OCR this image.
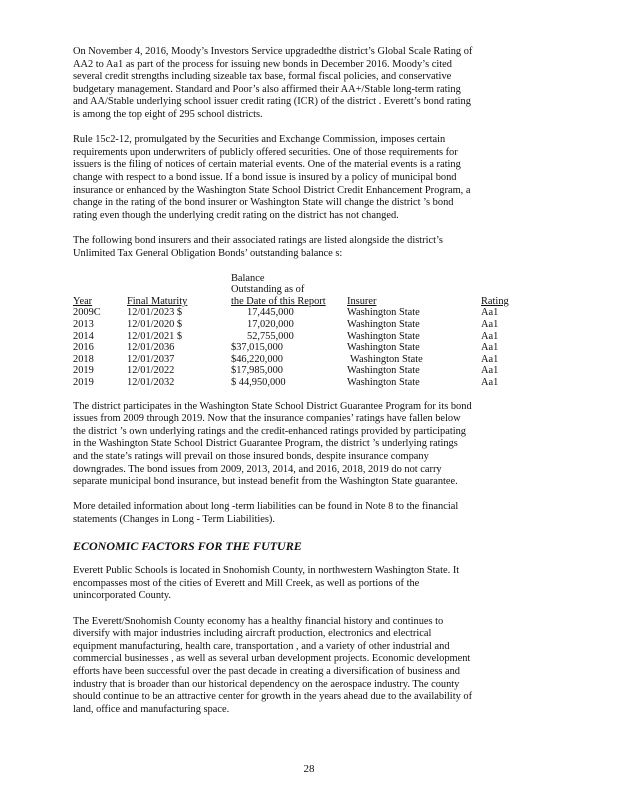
On November 4, 2016, Moody’s Investors Service upgradedthe district’s Global Scale Rating of
AA2 to Aa1 as part of the process for issuing new bonds in December 2016. Moody’s cited
several credit strengths including sizeable tax base, formal fiscal policies, and conservative
budgetary management. Standard and Poor’s also affirmed their AA+/Stable long-term rating
and AA/Stable underlying school issuer credit rating (ICR) of the district . Everett’s bond rating
is among the top eight of 295 school districts.

Rule 15c2-12, promulgated by the Securities and Exchange Commission, imposes certain
requirements upon underwriters of publicly offered securities. One of those requirements for
issuers is the filing of notices of certain material events. One of the material events is a rating
change with respect to a bond issue. If a bond issue is insured by a policy of municipal bond
insurance or enhanced by the Washington State School District Credit Enhancement Program, a
change in the rating of the bond insurer or Washington State will change the district ’s bond
rating even though the underlying credit rating on the district has not changed.

The following bond insurers and their associated ratings are listed alongside the district’s
Unlimited Tax General Obligation Bonds’ outstanding balance s:

Year	Final Maturity	Balance
Outstanding as of
the Date of this Report	Insurer	Rating
2009C	12/01/2023 $	17,445,000	Washington State	Aa1
2013	12/01/2020 $	17,020,000	Washington State	Aa1
2014	12/01/2021 $	52,755,000	Washington State	Aa1
2016	12/01/2036	$37,015,000	Washington State	Aa1
2018	12/01/2037	$46,220,000	Washington State	Aa1
2019	12/01/2022	$17,985,000	Washington State	Aa1
2019	12/01/2032	$ 44,950,000	Washington State	Aa1

The district participates in the Washington State School District Guarantee Program for its bond
issues from 2009 through 2019. Now that the insurance companies’ ratings have fallen below
the district ’s own underlying ratings and the credit-enhanced ratings provided by participating
in the Washington State School District Guarantee Program, the district ’s underlying ratings
and the state’s ratings will prevail on those insured bonds, despite insurance company
downgrades. The bond issues from 2009, 2013, 2014, and 2016, 2018, 2019 do not carry
separate municipal bond insurance, but instead benefit from the Washington State guarantee.

More detailed information about long -term liabilities can be found in Note 8 to the financial
statements (Changes in Long - Term Liabilities).

ECONOMIC FACTORS FOR THE FUTURE

Everett Public Schools is located in Snohomish County, in northwestern Washington State. It
encompasses most of the cities of Everett and Mill Creek, as well as portions of the
unincorporated County.

The Everett/Snohomish County economy has a healthy financial history and continues to
diversify with major industries including aircraft production, electronics and electrical
equipment manufacturing, health care, transportation , and a variety of other industrial and
commercial businesses , as well as several urban development projects. Economic development
efforts have been successful over the past decade in creating a diversification of business and
industry that is broader than our historical dependency on the aerospace industry. The county
should continue to be an attractive center for growth in the years ahead due to the availability of
land, office and manufacturing space.

28
